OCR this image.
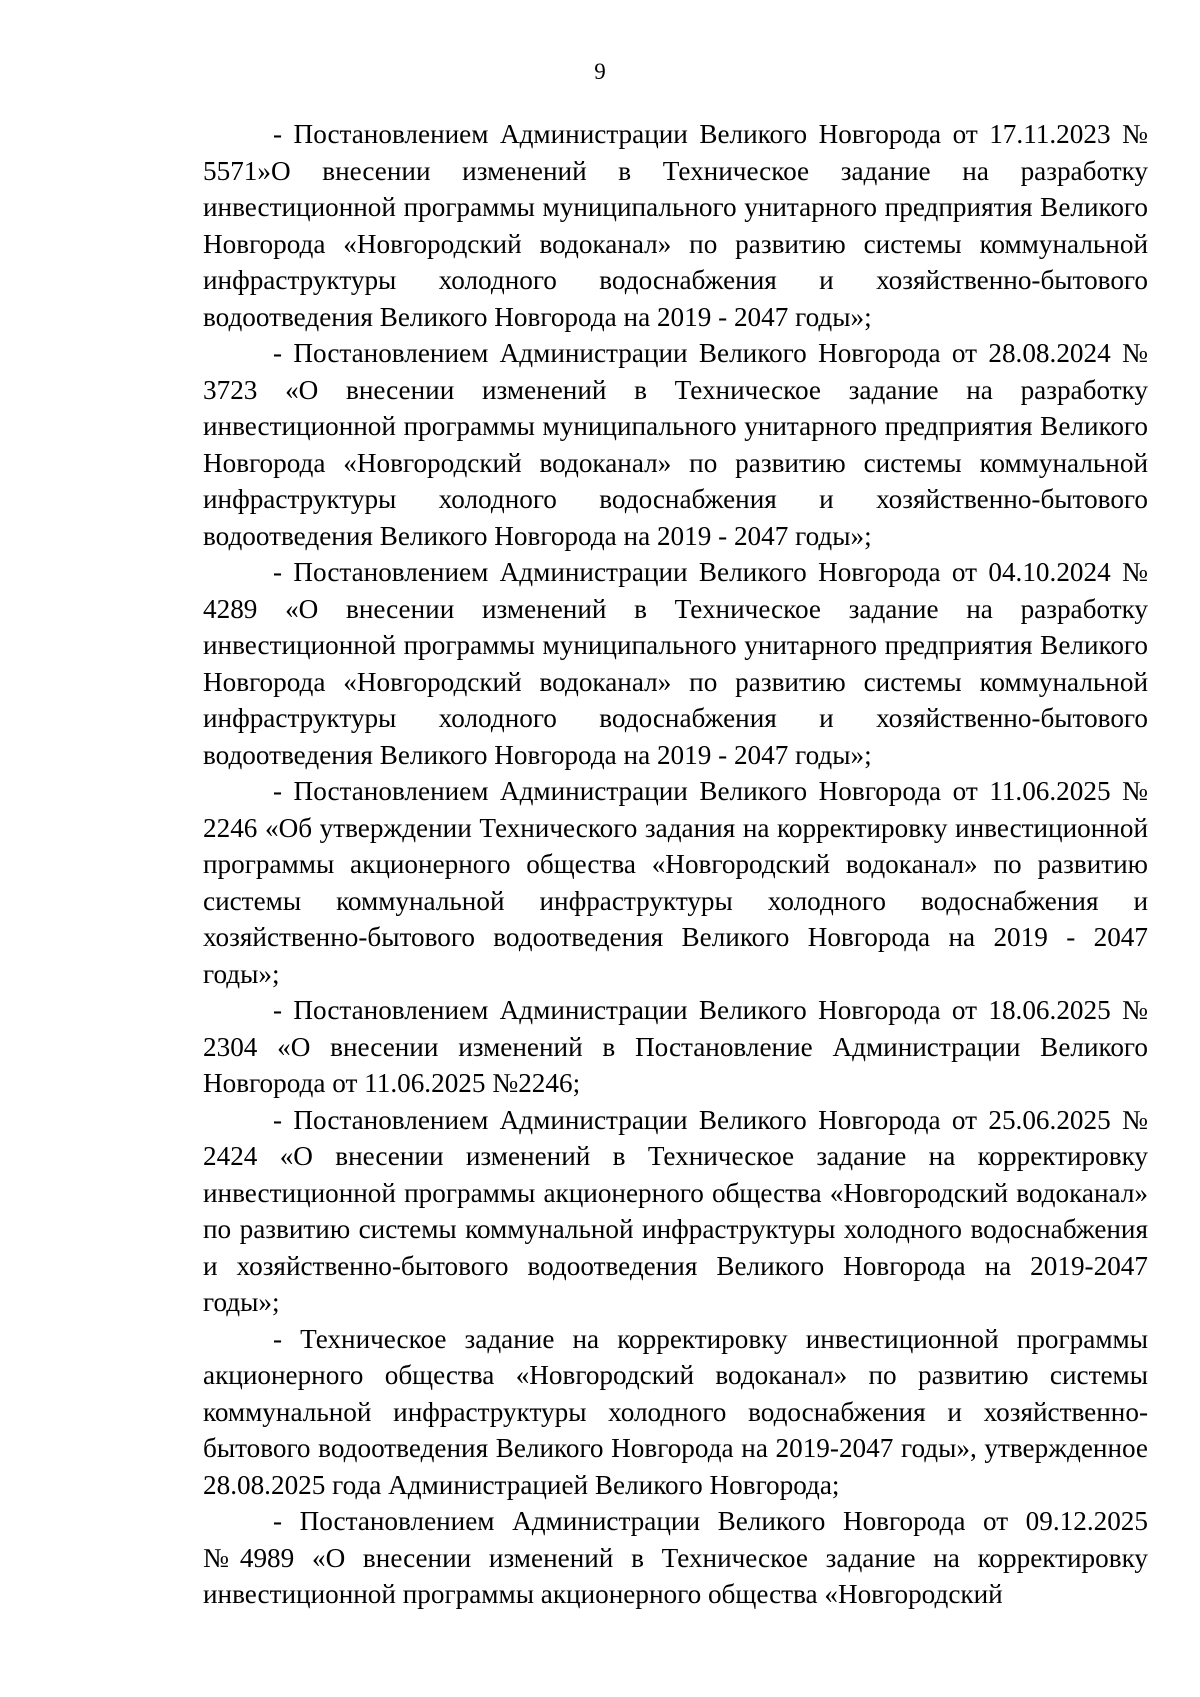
9

- Постановлением Администрации Великого Новгорода от 17.11.2023 № 5571»О внесении изменений в Техническое задание на разработку инвестиционной программы муниципального унитарного предприятия Великого Новгорода «Новгородский водоканал» по развитию системы коммунальной инфраструктуры холодного водоснабжения и хозяйственно-бытового водоотведения Великого Новгорода на 2019 - 2047 годы»;

- Постановлением Администрации Великого Новгорода от 28.08.2024 № 3723 «О внесении изменений в Техническое задание на разработку инвестиционной программы муниципального унитарного предприятия Великого Новгорода «Новгородский водоканал» по развитию системы коммунальной инфраструктуры холодного водоснабжения и хозяйственно-бытового водоотведения Великого Новгорода на 2019 - 2047 годы»;

- Постановлением Администрации Великого Новгорода от 04.10.2024 № 4289 «О внесении изменений в Техническое задание на разработку инвестиционной программы муниципального унитарного предприятия Великого Новгорода «Новгородский водоканал» по развитию системы коммунальной инфраструктуры холодного водоснабжения и хозяйственно-бытового водоотведения Великого Новгорода на 2019 - 2047 годы»;

- Постановлением Администрации Великого Новгорода от 11.06.2025 № 2246 «Об утверждении Технического задания на корректировку инвестиционной программы акционерного общества «Новгородский водоканал» по развитию системы коммунальной инфраструктуры холодного водоснабжения и хозяйственно-бытового водоотведения Великого Новгорода на 2019 - 2047 годы»;

- Постановлением Администрации Великого Новгорода от 18.06.2025 № 2304 «О внесении изменений в Постановление Администрации Великого Новгорода от 11.06.2025 №2246;

- Постановлением Администрации Великого Новгорода от 25.06.2025 № 2424 «О внесении изменений в Техническое задание на корректировку инвестиционной программы акционерного общества «Новгородский водоканал» по развитию системы коммунальной инфраструктуры холодного водоснабжения и хозяйственно-бытового водоотведения Великого Новгорода на 2019-2047 годы»;

- Техническое задание на корректировку инвестиционной программы акционерного общества «Новгородский водоканал» по развитию системы коммунальной инфраструктуры холодного водоснабжения и хозяйственно-бытового водоотведения Великого Новгорода на 2019-2047 годы», утвержденное 28.08.2025 года Администрацией Великого Новгорода;

- Постановлением Администрации Великого Новгорода от 09.12.2025 №4989 «О внесении изменений в Техническое задание на корректировку инвестиционной программы акционерного общества «Новгородский
